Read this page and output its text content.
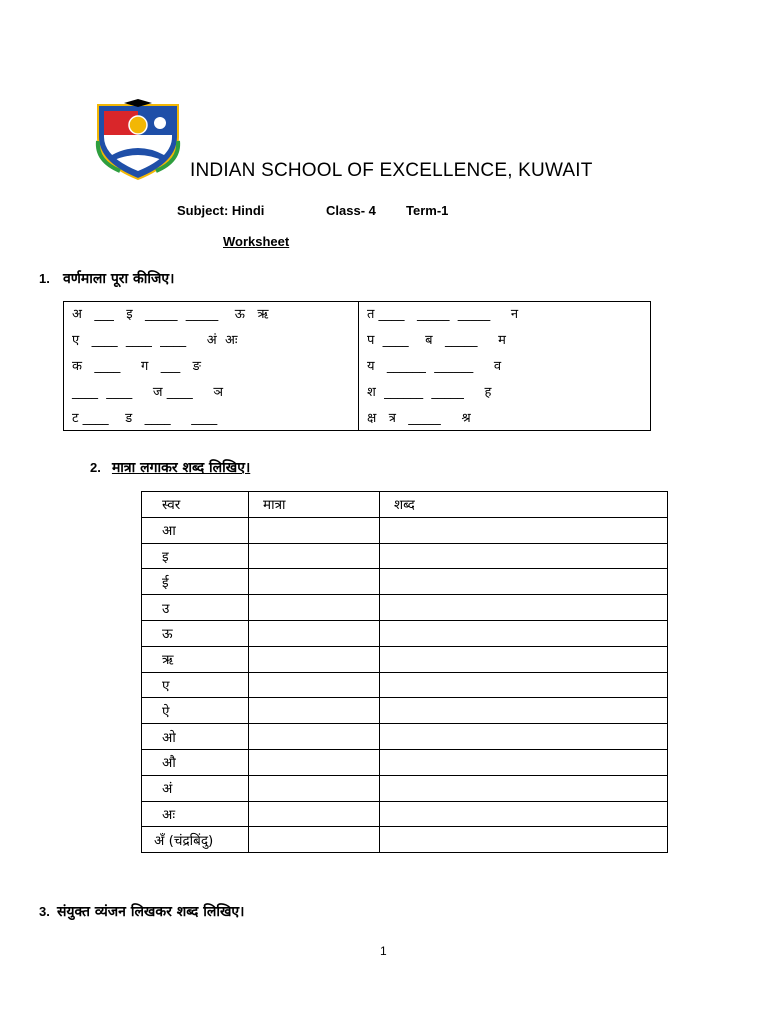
INDIAN SCHOOL OF EXCELLENCE, KUWAIT
Subject: Hindi	Class- 4 Term-1
Worksheet
1. वर्णमाला पूरा कीजिए।
अ   ___   इ   _____  _____    ऊ   ऋ
ए   ____  ____  ____     अं  अः
क   ____     ग   ___   ङ
____  ____     ज ____     ञ
ट ____    ड   ____     ____
त ____   _____  _____     न
प  ____    ब   _____     म
य   ______  ______     व
श  ______  _____     ह
क्ष   त्र   _____     श्र
2. मात्रा लगाकर शब्द लिखिए।
स्वर	मात्रा	शब्द
आ		
इ		
ई		
उ		
ऊ		
ऋ		
ए		
ऐ		
ओ		
औ		
अं		
अः		
अँ (चंद्रबिंदु)		
3. संयुक्त व्यंजन लिखकर शब्द लिखिए।
1
